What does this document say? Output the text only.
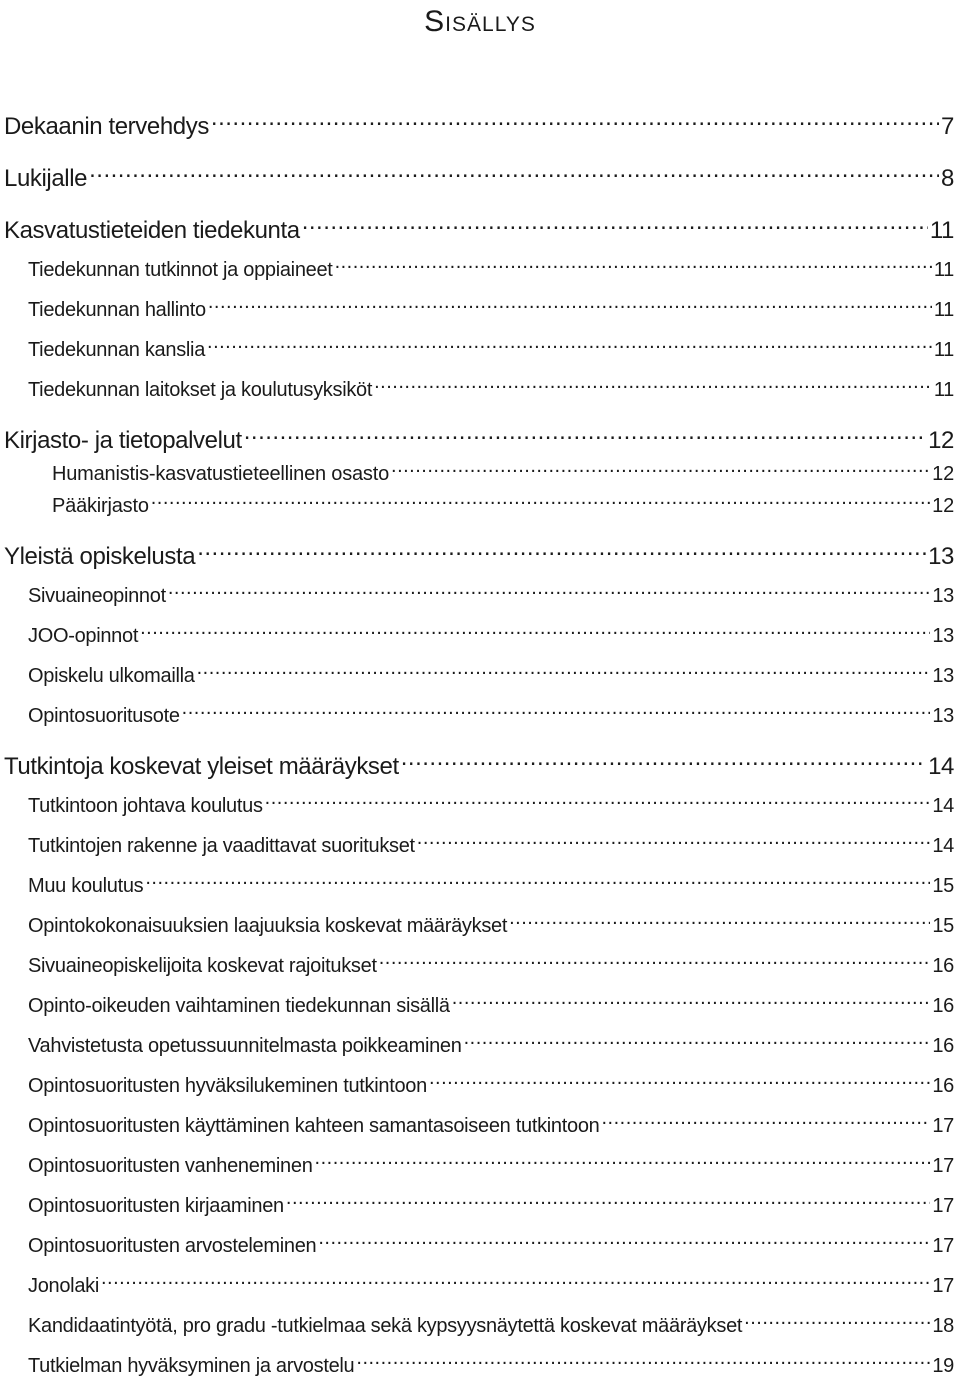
Sisällys
Dekaanin tervehdys .....	7
Lukijalle .....	8
Kasvatustieteiden tiedekunta .....	11
Tiedekunnan tutkinnot ja oppiaineet .....	11
Tiedekunnan hallinto .....	11
Tiedekunnan kanslia .....	11
Tiedekunnan laitokset ja koulutusyksiköt .....	11
Kirjasto- ja tietopalvelut .....	12
Humanistis-kasvatustieteellinen osasto .....	12
Pääkirjasto .....	12
Yleistä opiskelusta .....	13
Sivuaineopinnot .....	13
JOO-opinnot .....	13
Opiskelu ulkomailla .....	13
Opintosuoritusote .....	13
Tutkintoja koskevat yleiset määräykset .....	14
Tutkintoon johtava koulutus .....	14
Tutkintojen rakenne ja vaadittavat suoritukset .....	14
Muu koulutus .....	15
Opintokokonaisuuksien laajuuksia koskevat määräykset .....	15
Sivuaineopiskelijoita koskevat rajoitukset .....	16
Opinto-oikeuden vaihtaminen tiedekunnan sisällä .....	16
Vahvistetusta opetussuunnitelmasta poikkeaminen .....	16
Opintosuoritusten hyväksilukeminen tutkintoon .....	16
Opintosuoritusten käyttäminen kahteen samantasoiseen tutkintoon .....	17
Opintosuoritusten vanheneminen .....	17
Opintosuoritusten kirjaaminen .....	17
Opintosuoritusten arvosteleminen .....	17
Jonolaki .....	17
Kandidaatintyötä, pro gradu -tutkielmaa sekä kypsyysnäytettä koskevat määräykset .....	18
Tutkielman hyväksyminen ja arvostelu .....	19
